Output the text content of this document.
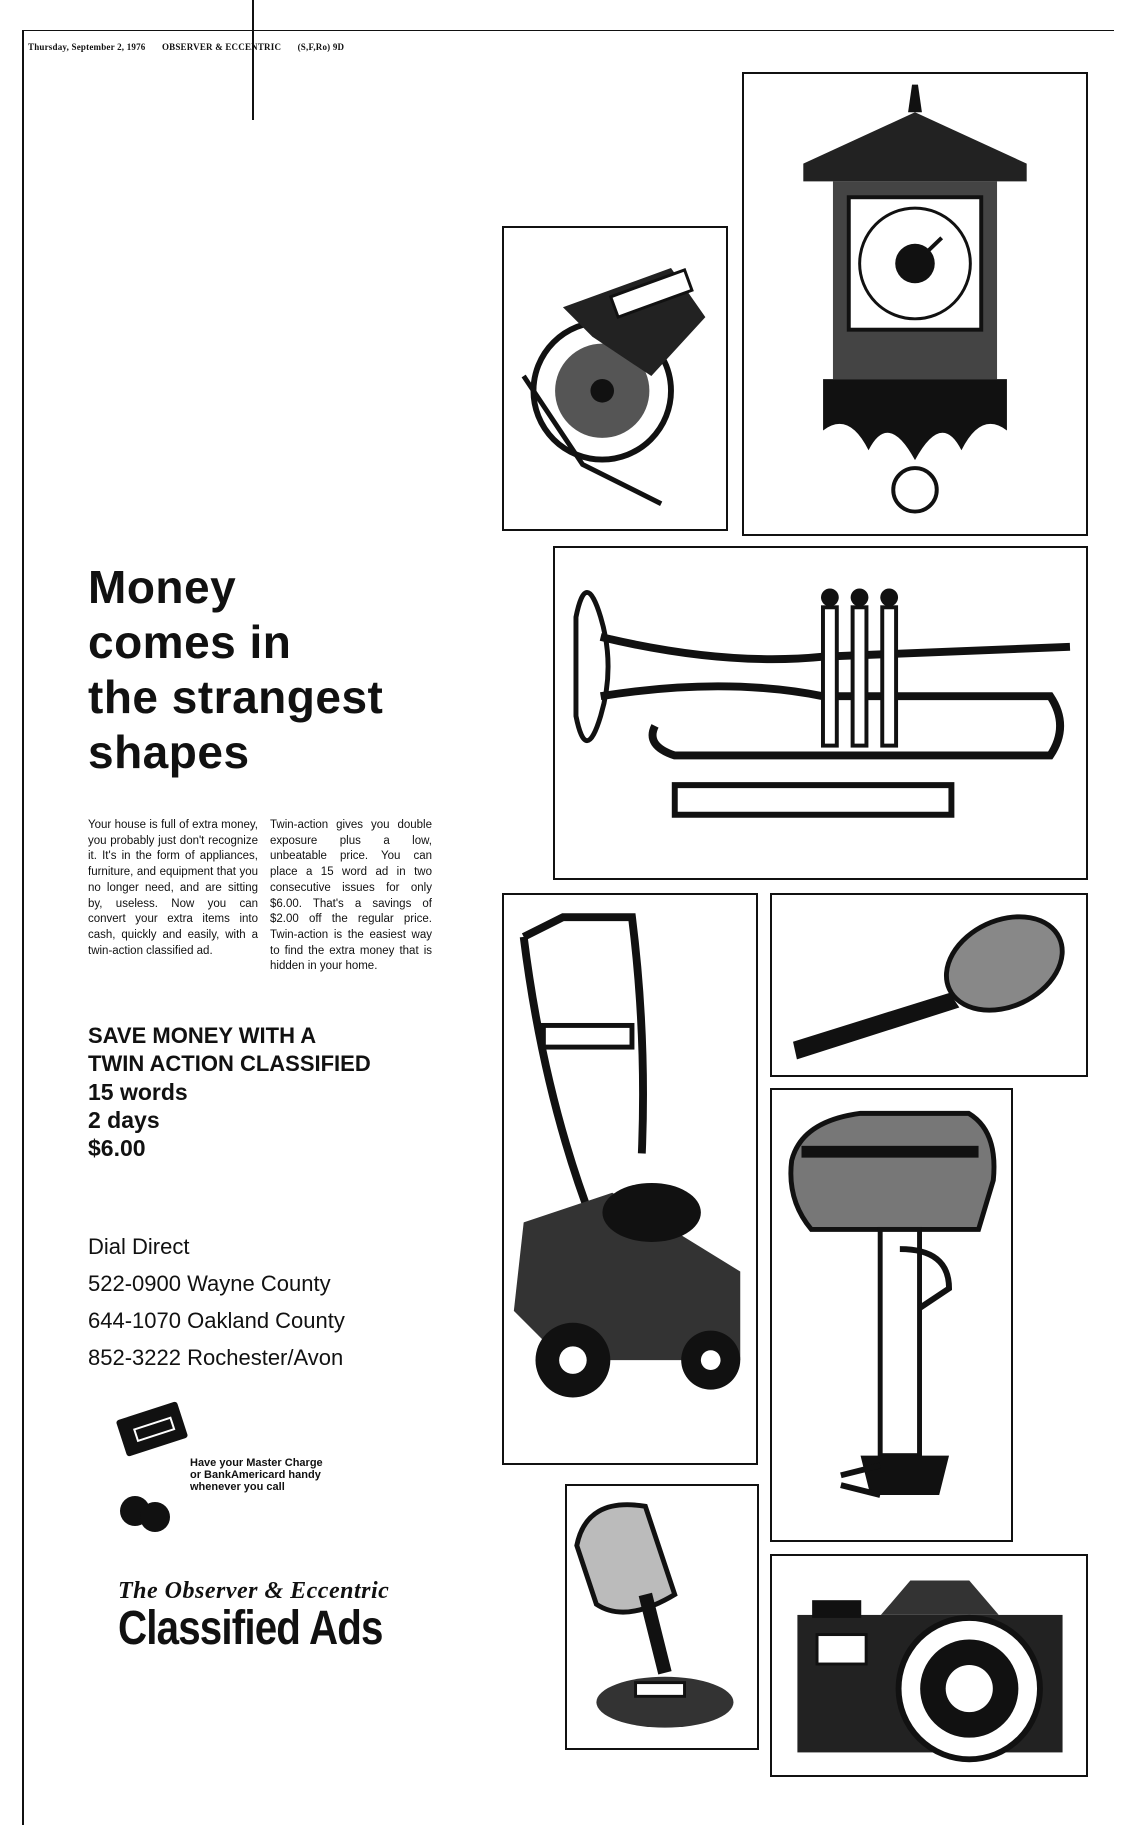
Thursday, September 2, 1976 OBSERVER & ECCENTRIC (S,F,Ro) 9D
Money
comes in
the strangest
shapes
Your house is full of extra money, you probably just don't recognize it. It's in the form of appliances, furniture, and equipment that you no longer need, and are sitting by, useless. Now you can convert your extra items into cash, quickly and easily, with a twin-action classified ad.
Twin-action gives you double exposure plus a low, unbeatable price. You can place a 15 word ad in two consecutive issues for only $6.00. That's a savings of $2.00 off the regular price. Twin-action is the easiest way to find the extra money that is hidden in your home.
SAVE MONEY WITH A
TWIN ACTION CLASSIFIED
15 words
2 days
$6.00
Dial Direct
522-0900 Wayne County
644-1070 Oakland County
852-3222 Rochester/Avon
Have your Master Charge
or BankAmericard handy
whenever you call
The Observer & Eccentric
Classified Ads
